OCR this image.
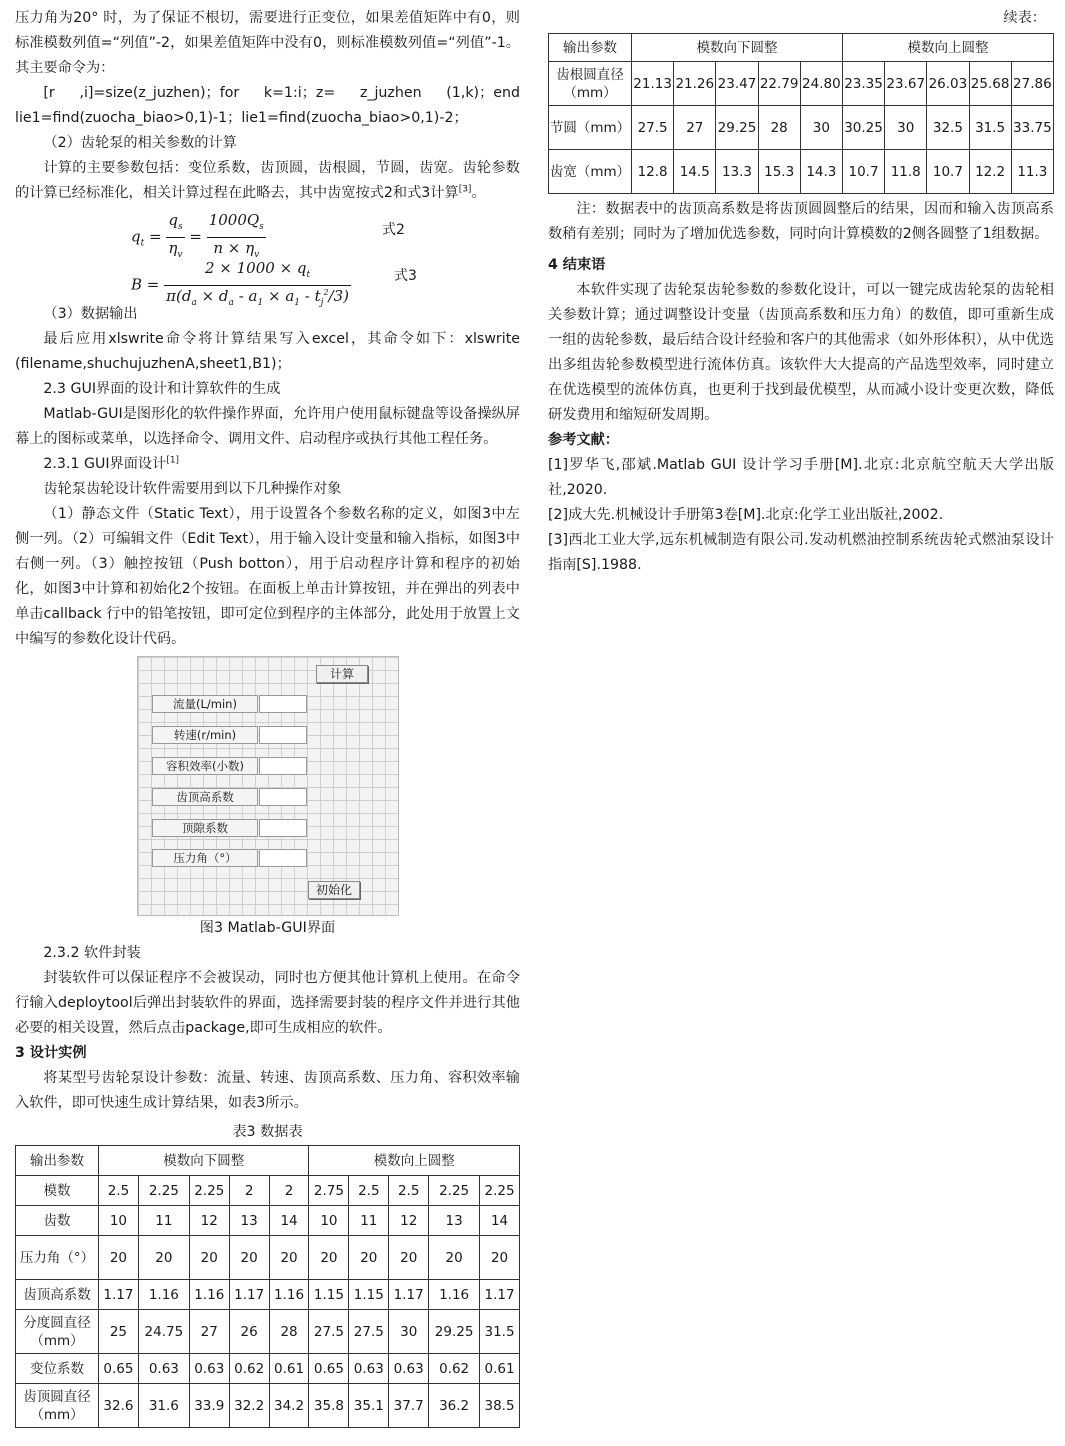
压力角为20° 时，为了保证不根切，需要进行正变位，如果差值矩阵中有0，则标准模数列值=“列值”-2，如果差值矩阵中没有0，则标准模数列值=“列值”-1。其主要命令为：

[r ,i]=size(z_juzhen)；for k=1:i；z= z_juzhen (1,k)；end lie1=find(zuocha_biao>0,1)-1；lie1=find(zuocha_biao>0,1)-2；

（2）齿轮泵的相关参数的计算

计算的主要参数包括：变位系数，齿顶圆，齿根圆，节圆，齿宽。齿轮参数的计算已经标准化，相关计算过程在此略去，其中齿宽按式2和式3计算[3]。

$q_t = \frac{q_s}{\eta_v} = \frac{1000Q_s}{n \times \eta_v}$	式2
$B = \frac{2 \times 1000 \times q_t}{\pi(d_a \times d_a - a_1 \times a_1 - t_j^2/3)}$	式3

（3）数据输出

最后应用xlswrite命令将计算结果写入excel，其命令如下：xlswrite (filename,shuchujuzhenA,sheet1,B1)；

2.3 GUI界面的设计和计算软件的生成

Matlab-GUI是图形化的软件操作界面，允许用户使用鼠标键盘等设备操纵屏幕上的图标或菜单，以选择命令、调用文件、启动程序或执行其他工程任务。

2.3.1 GUI界面设计[1]

齿轮泵齿轮设计软件需要用到以下几种操作对象

（1）静态文件（Static Text），用于设置各个参数名称的定义，如图3中左侧一列。（2）可编辑文件（Edit Text），用于输入设计变量和输入指标，如图3中右侧一列。（3）触控按钮（Push botton），用于启动程序计算和程序的初始化，如图3中计算和初始化2个按钮。在面板上单击计算按钮，并在弹出的列表中单击callback 行中的铅笔按钮，即可定位到程序的主体部分，此处用于放置上文中编写的参数化设计代码。

计算
流量(L/min)
转速(r/min)
容积效率(小数)
齿顶高系数
顶隙系数
压力角（°）
初始化

图3 Matlab-GUI界面

2.3.2 软件封装

封装软件可以保证程序不会被误动，同时也方便其他计算机上使用。在命令行输入deploytool后弹出封装软件的界面，选择需要封装的程序文件并进行其他必要的相关设置，然后点击package,即可生成相应的软件。

3 设计实例

将某型号齿轮泵设计参数：流量、转速、齿顶高系数、压力角、容积效率输入软件，即可快速生成计算结果，如表3所示。

表3 数据表

输出参数	模数向下圆整					模数向上圆整				
模数	2.5	2.25	2.25	2	2	2.75	2.5	2.5	2.25	2.25
齿数	10	11	12	13	14	10	11	12	13	14
压力角（°）	20	20	20	20	20	20	20	20	20	20
齿顶高系数	1.17	1.16	1.16	1.17	1.16	1.15	1.15	1.17	1.16	1.17
分度圆直径（mm）	25	24.75	27	26	28	27.5	27.5	30	29.25	31.5
变位系数	0.65	0.63	0.63	0.62	0.61	0.65	0.63	0.63	0.62	0.61
齿顶圆直径（mm）	32.6	31.6	33.9	32.2	34.2	35.8	35.1	37.7	36.2	38.5

续表：

输出参数	模数向下圆整					模数向上圆整				
齿根圆直径（mm）	21.13	21.26	23.47	22.79	24.80	23.35	23.67	26.03	25.68	27.86
节圆（mm）	27.5	27	29.25	28	30	30.25	30	32.5	31.5	33.75
齿宽（mm）	12.8	14.5	13.3	15.3	14.3	10.7	11.8	10.7	12.2	11.3

注：数据表中的齿顶高系数是将齿顶圆圆整后的结果，因而和输入齿顶高系数稍有差别；同时为了增加优选参数，同时向计算模数的2侧各圆整了1组数据。

4 结束语

本软件实现了齿轮泵齿轮参数的参数化设计，可以一键完成齿轮泵的齿轮相关参数计算；通过调整设计变量（齿顶高系数和压力角）的数值，即可重新生成一组的齿轮参数，最后结合设计经验和客户的其他需求（如外形体积），从中优选出多组齿轮参数模型进行流体仿真。该软件大大提高的产品选型效率，同时建立在优选模型的流体仿真，也更利于找到最优模型，从而减小设计变更次数，降低研发费用和缩短研发周期。

参考文献：

[1]罗华飞,邵斌.Matlab GUI 设计学习手册[M].北京:北京航空航天大学出版社,2020.

[2]成大先.机械设计手册第3卷[M].北京:化学工业出版社,2002.

[3]西北工业大学,远东机械制造有限公司.发动机燃油控制系统齿轮式燃油泵设计指南[S].1988.
